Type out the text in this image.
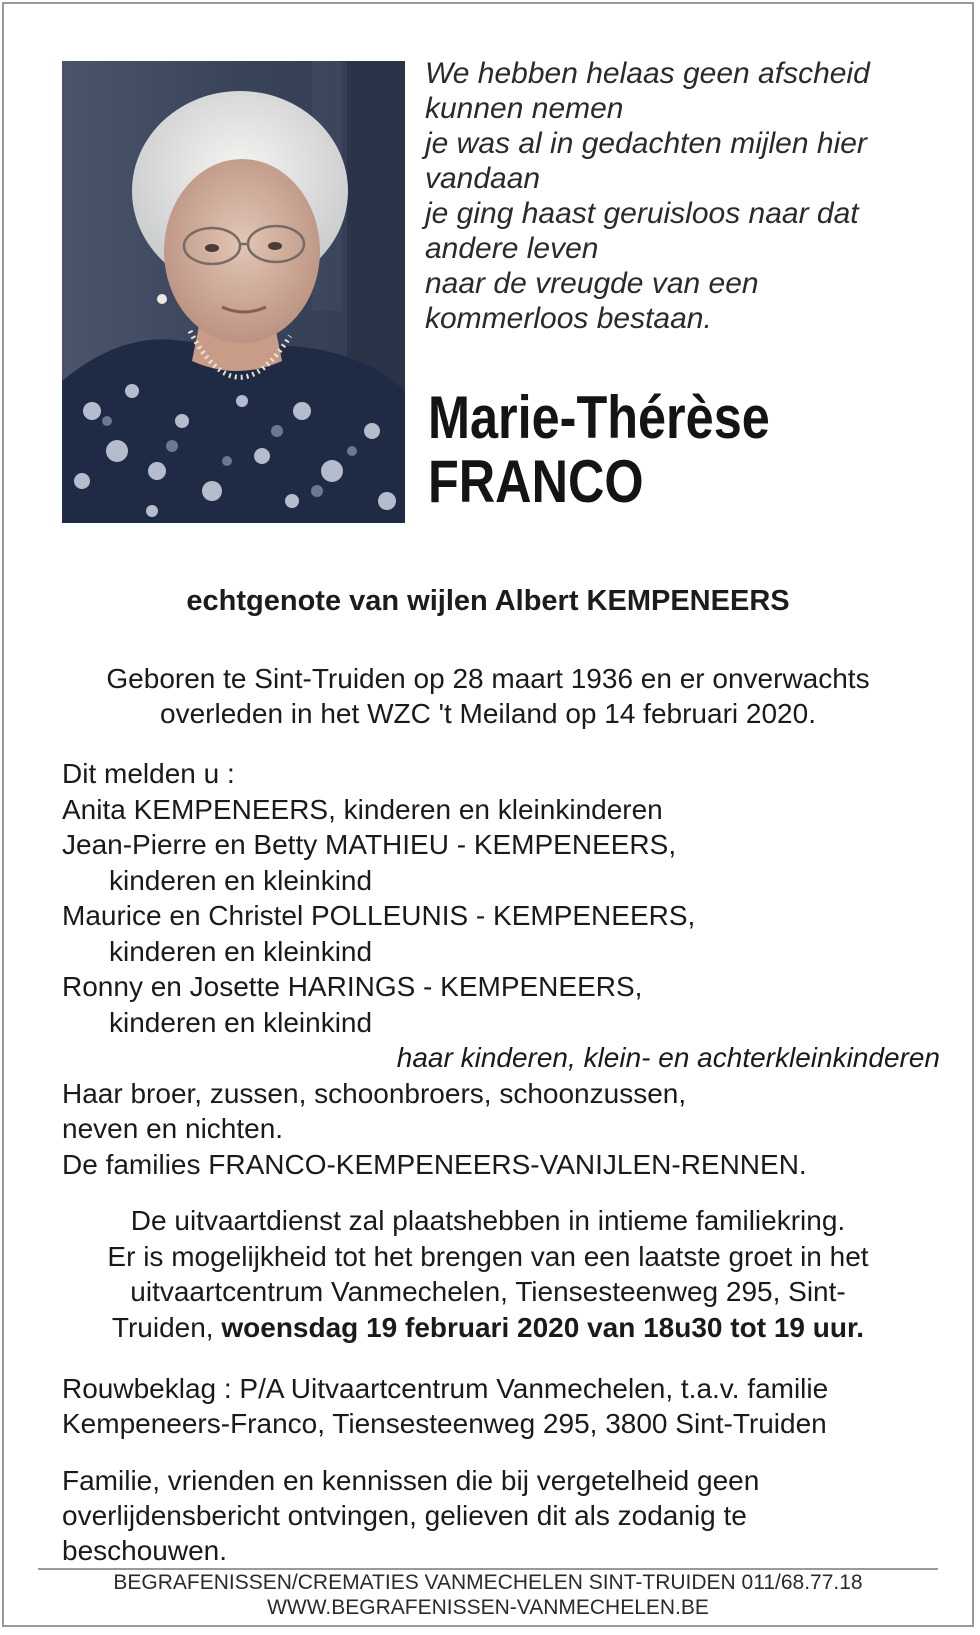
We hebben helaas geen afscheid
kunnen nemen
je was al in gedachten mijlen hier
vandaan
je ging haast geruisloos naar dat
andere leven
naar de vreugde van een
kommerloos bestaan.
Marie-Thérèse
FRANCO
echtgenote van wijlen Albert KEMPENEERS
Geboren te Sint-Truiden op 28 maart 1936 en er onverwachts
overleden in het WZC 't Meiland op 14 februari 2020.
Dit melden u :
Anita KEMPENEERS, kinderen en kleinkinderen
Jean-Pierre en Betty MATHIEU - KEMPENEERS,
kinderen en kleinkind
Maurice en Christel POLLEUNIS - KEMPENEERS,
kinderen en kleinkind
Ronny en Josette HARINGS - KEMPENEERS,
kinderen en kleinkind
haar kinderen, klein- en achterkleinkinderen
Haar broer, zussen, schoonbroers, schoonzussen,
neven en nichten.
De families FRANCO-KEMPENEERS-VANIJLEN-RENNEN.
De uitvaartdienst zal plaatshebben in intieme familiekring.
Er is mogelijkheid tot het brengen van een laatste groet in het
uitvaartcentrum Vanmechelen, Tiensesteenweg 295, Sint-
Truiden, woensdag 19 februari 2020 van 18u30 tot 19 uur.
Rouwbeklag : P/A Uitvaartcentrum Vanmechelen, t.a.v. familie
Kempeneers-Franco, Tiensesteenweg 295, 3800 Sint-Truiden
Familie, vrienden en kennissen die bij vergetelheid geen
overlijdensbericht ontvingen, gelieven dit als zodanig te
beschouwen.
BEGRAFENISSEN/CREMATIES VANMECHELEN SINT-TRUIDEN 011/68.77.18
WWW.BEGRAFENISSEN-VANMECHELEN.BE
